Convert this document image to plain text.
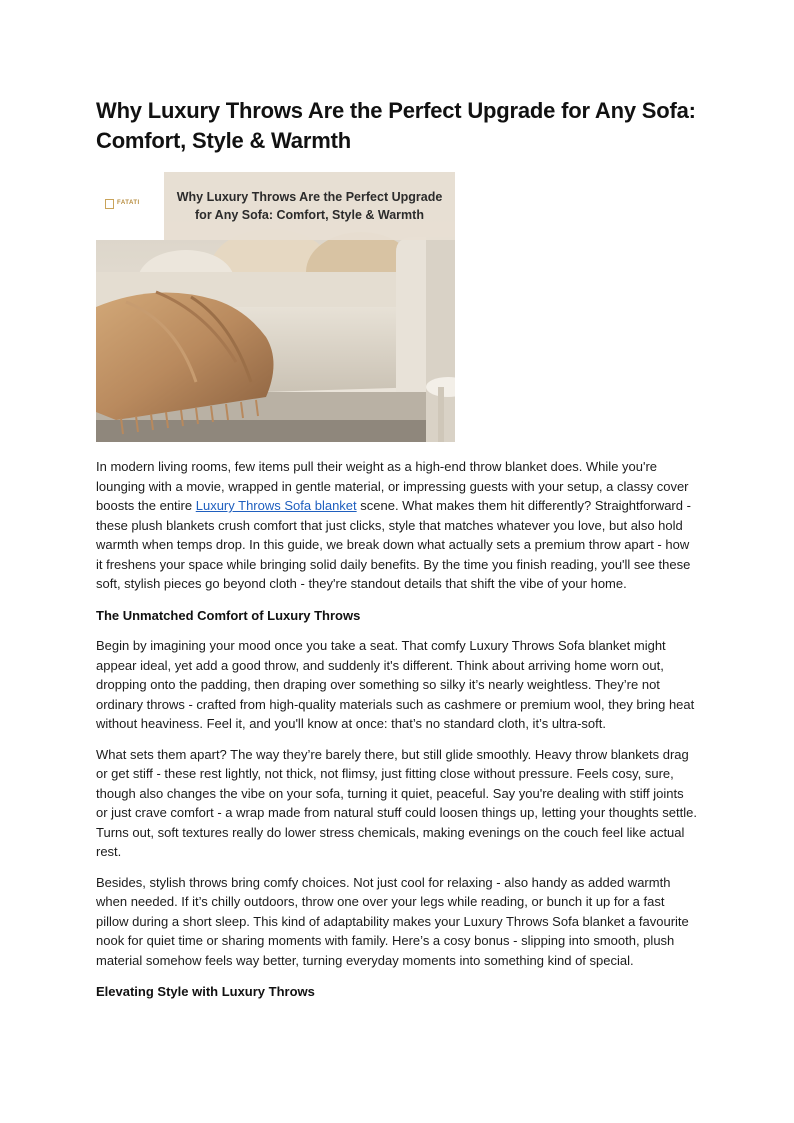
Why Luxury Throws Are the Perfect Upgrade for Any Sofa: Comfort, Style & Warmth
FATATI	Why Luxury Throws Are the Perfect Upgrade for Any Sofa: Comfort, Style & Warmth

In modern living rooms, few items pull their weight as a high-end throw blanket does. While you're lounging with a movie, wrapped in gentle material, or impressing guests with your setup, a classy cover boosts the entire Luxury Throws Sofa blanket scene. What makes them hit differently? Straightforward - these plush blankets crush comfort that just clicks, style that matches whatever you love, but also hold warmth when temps drop. In this guide, we break down what actually sets a premium throw apart - how it freshens your space while bringing solid daily benefits. By the time you finish reading, you'll see these soft, stylish pieces go beyond cloth - they're standout details that shift the vibe of your home.

The Unmatched Comfort of Luxury Throws

Begin by imagining your mood once you take a seat. That comfy Luxury Throws Sofa blanket might appear ideal, yet add a good throw, and suddenly it's different. Think about arriving home worn out, dropping onto the padding, then draping over something so silky it’s nearly weightless. They’re not ordinary throws - crafted from high-quality materials such as cashmere or premium wool, they bring heat without heaviness. Feel it, and you'll know at once: that’s no standard cloth, it’s ultra-soft.

What sets them apart? The way they’re barely there, but still glide smoothly. Heavy throw blankets drag or get stiff - these rest lightly, not thick, not flimsy, just fitting close without pressure. Feels cosy, sure, though also changes the vibe on your sofa, turning it quiet, peaceful. Say you're dealing with stiff joints or just crave comfort - a wrap made from natural stuff could loosen things up, letting your thoughts settle. Turns out, soft textures really do lower stress chemicals, making evenings on the couch feel like actual rest.

Besides, stylish throws bring comfy choices. Not just cool for relaxing - also handy as added warmth when needed. If it’s chilly outdoors, throw one over your legs while reading, or bunch it up for a fast pillow during a short sleep. This kind of adaptability makes your Luxury Throws Sofa blanket a favourite nook for quiet time or sharing moments with family. Here’s a cosy bonus - slipping into smooth, plush material somehow feels way better, turning everyday moments into something kind of special.

Elevating Style with Luxury Throws
